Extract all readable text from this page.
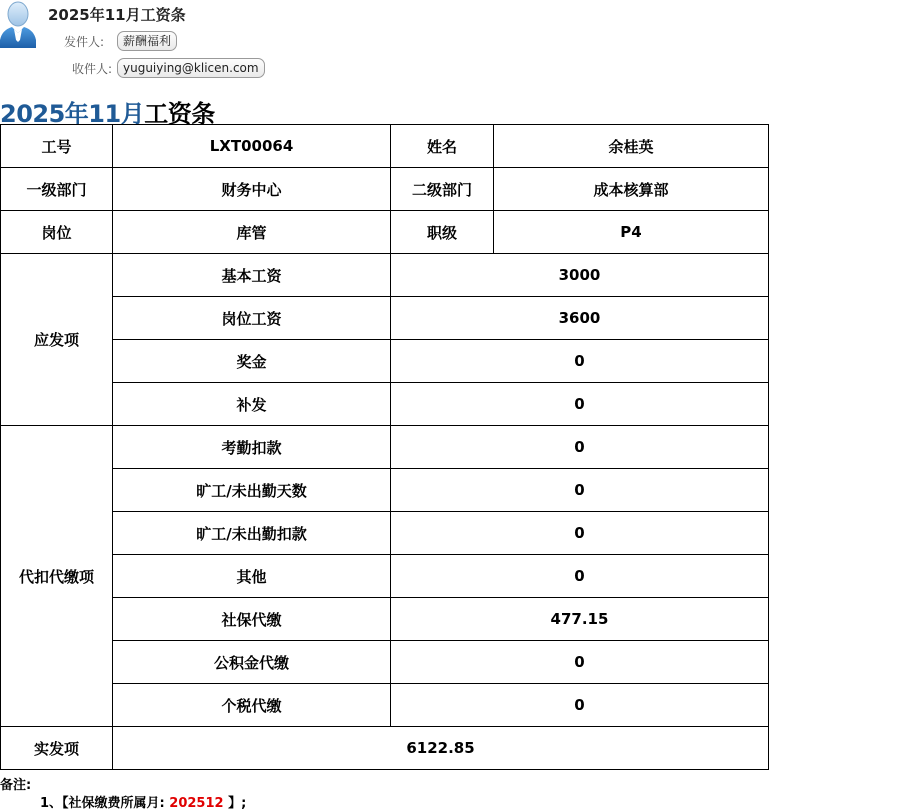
2025年11月工资条
发件人:	薪酬福利
收件人: yuguiying@klicen.com
2025年11月工资条
工号	LXT00064	姓名	余桂英
一级部门	财务中心	二级部门	成本核算部
岗位	库管	职级	P4
应发项	基本工资	3000	
	岗位工资	3600	
	奖金	0	
	补发	0	
代扣代缴项	考勤扣款	0	
	旷工/未出勤天数	0	
	旷工/未出勤扣款	0	
	其他	0	
	社保代缴	477.15	
	公积金代缴	0	
	个税代缴	0	
实发项	6122.85		
备注:
1、【社保缴费所属月: 202512 】;
